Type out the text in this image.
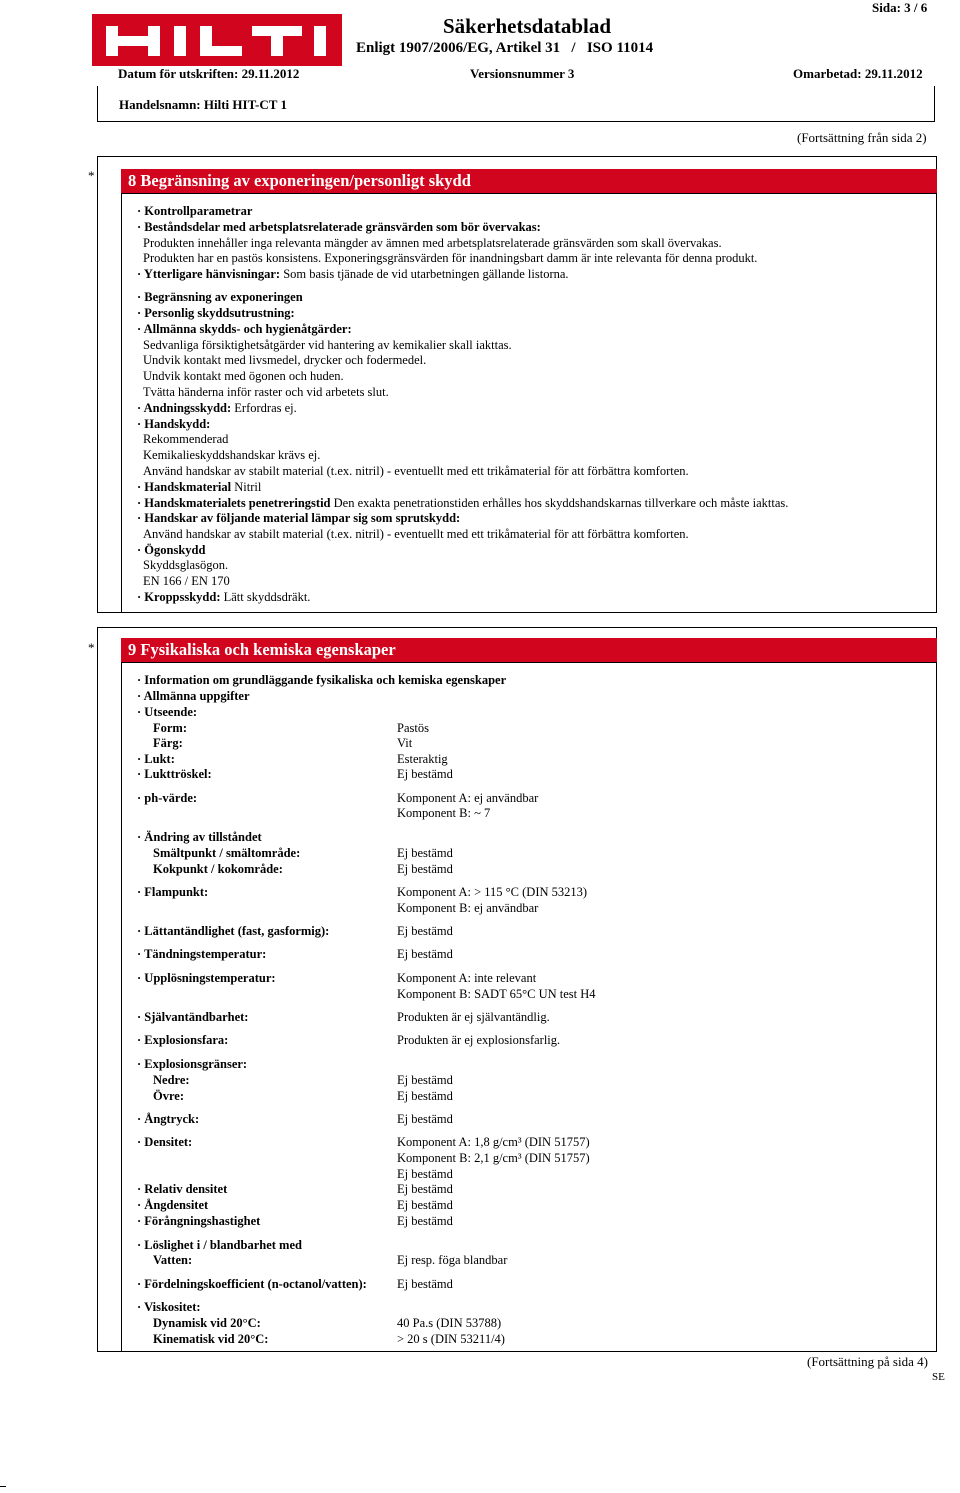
Säkerhetsdatablad
Enligt 1907/2006/EG, Artikel 31   /   ISO 11014
Sida: 3 / 6
Datum för utskriften: 29.11.2012	Versionsnummer 3	Omarbetad: 29.11.2012
Handelsnamn: Hilti HIT-CT 1
(Fortsättning från sida 2)
* 8 Begränsning av exponeringen/personligt skydd
· Kontrollparametrar
· Beståndsdelar med arbetsplatsrelaterade gränsvärden som bör övervakas:
Produkten innehåller inga relevanta mängder av ämnen med arbetsplatsrelaterade gränsvärden som skall övervakas.
Produkten har en pastös konsistens. Exponeringsgränsvärden för inandningsbart damm är inte relevanta för denna produkt.
· Ytterligare hänvisningar: Som basis tjänade de vid utarbetningen gällande listorna.
· Begränsning av exponeringen
· Personlig skyddsutrustning:
· Allmänna skydds- och hygienåtgärder:
Sedvanliga försiktighetsåtgärder vid hantering av kemikalier skall iakttas.
Undvik kontakt med livsmedel, drycker och fodermedel.
Undvik kontakt med ögonen och huden.
Tvätta händerna inför raster och vid arbetets slut.
· Andningsskydd: Erfordras ej.
· Handskydd:
Rekommenderad
Kemikalieskyddshandskar krävs ej.
Använd handskar av stabilt material (t.ex. nitril) - eventuellt med ett trikåmaterial för att förbättra komforten.
· Handskmaterial Nitril
· Handskmaterialets penetreringstid Den exakta penetrationstiden erhålles hos skyddshandskarnas tillverkare och måste iakttas.
· Handskar av följande material lämpar sig som sprutskydd:
Använd handskar av stabilt material (t.ex. nitril) - eventuellt med ett trikåmaterial för att förbättra komforten.
· Ögonskydd
Skyddsglasögon.
EN 166 / EN 170
· Kroppsskydd: Lätt skyddsdräkt.
* 9 Fysikaliska och kemiska egenskaper
· Information om grundläggande fysikaliska och kemiska egenskaper
· Allmänna uppgifter
· Utseende:
Form:	Pastös
Färg:	Vit
· Lukt:	Esteraktig
· Lukttröskel:	Ej bestämd
· ph-värde:	Komponent A: ej användbar
Komponent B: ~ 7
· Ändring av tillståndet
Smältpunkt / smältområde:	Ej bestämd
Kokpunkt / kokområde:	Ej bestämd
· Flampunkt:	Komponent A: > 115 °C (DIN 53213)
Komponent B: ej användbar
· Lättantändlighet (fast, gasformig):	Ej bestämd
· Tändningstemperatur:	Ej bestämd
· Upplösningstemperatur:	Komponent A: inte relevant
Komponent B: SADT 65°C UN test H4
· Självantändbarhet:	Produkten är ej självantändlig.
· Explosionsfara:	Produkten är ej explosionsfarlig.
· Explosionsgränser:
Nedre:	Ej bestämd
Övre:	Ej bestämd
· Ångtryck:	Ej bestämd
· Densitet:	Komponent A: 1,8 g/cm³ (DIN 51757)
Komponent B: 2,1 g/cm³ (DIN 51757)
Ej bestämd
· Relativ densitet	Ej bestämd
· Ångdensitet	Ej bestämd
· Förångningshastighet	Ej bestämd
· Löslighet i / blandbarhet med
Vatten:	Ej resp. föga blandbar
· Fördelningskoefficient (n-octanol/vatten): Ej bestämd
· Viskositet:
Dynamisk vid 20°C:	40 Pa.s (DIN 53788)
Kinematisk vid 20°C:	> 20 s (DIN 53211/4)
(Fortsättning på sida 4)
SE
